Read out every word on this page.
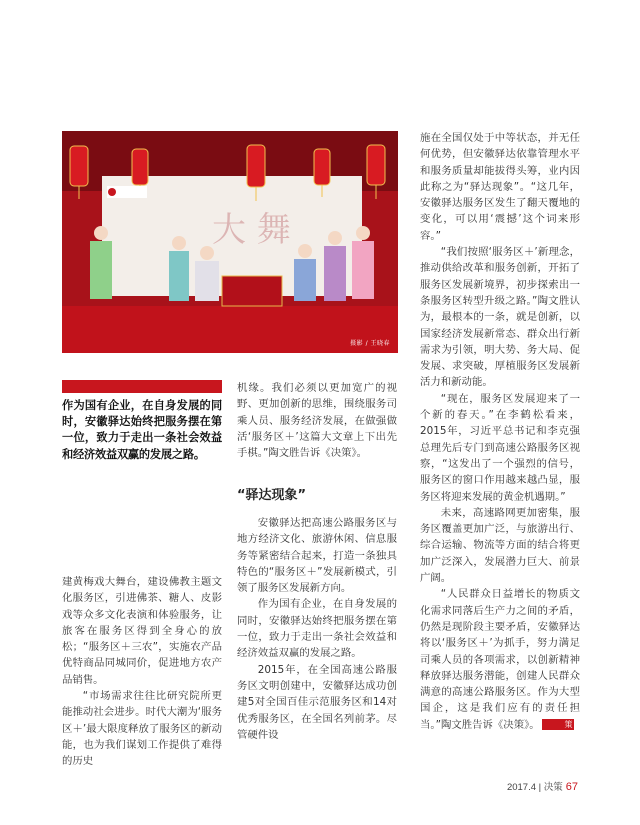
大 舞
摄影 / 王晓春
作为国有企业，在自身发展的同时，安徽驿达始终把服务摆在第一位，致力于走出一条社会效益和经济效益双赢的发展之路。

建黄梅戏大舞台，建设佛教主题文化服务区，引进佛茶、糖人、皮影戏等众多文化表演和体验服务，让旅客在服务区得到全身心的放松；“服务区＋三农”，实施农产品优特商品同城同价，促进地方农产品销售。

“市场需求往往比研究院所更能推动社会进步。时代大潮为‘服务区＋’最大限度释放了服务区的新动能，也为我们谋划工作提供了难得的历史

机缘。我们必须以更加宽广的视野、更加创新的思维，围绕服务司乘人员、服务经济发展，在做强做活‘服务区＋’这篇大文章上下出先手棋。”陶文胜告诉《决策》。

“驿达现象”

安徽驿达把高速公路服务区与地方经济文化、旅游休闲、信息服务等紧密结合起来，打造一条独具特色的“服务区＋”发展新模式，引领了服务区发展新方向。

作为国有企业，在自身发展的同时，安徽驿达始终把服务摆在第一位，致力于走出一条社会效益和经济效益双赢的发展之路。

2015年，在全国高速公路服务区文明创建中，安徽驿达成功创建5对全国百佳示范服务区和14对优秀服务区，在全国名列前茅。尽管硬件设

施在全国仅处于中等状态，并无任何优势，但安徽驿达依靠管理水平和服务质量却能拔得头筹，业内因此称之为“驿达现象”。“这几年，安徽驿达服务区发生了翻天覆地的变化，可以用‘震撼’这个词来形容。”

“我们按照‘服务区＋’新理念，推动供给改革和服务创新，开拓了服务区发展新境界，初步探索出一条服务区转型升级之路。”陶文胜认为，最根本的一条，就是创新，以国家经济发展新常态、群众出行新需求为引领，明大势、务大局、促发展、求突破，厚植服务区发展新活力和新动能。

“现在，服务区发展迎来了一个新的春天。”在李鹤松看来，2015年，习近平总书记和李克强总理先后专门到高速公路服务区视察，“这发出了一个强烈的信号，服务区的窗口作用越来越凸显，服务区将迎来发展的黄金机遇期。”

未来，高速路网更加密集，服务区覆盖更加广泛，与旅游出行、综合运输、物流等方面的结合将更加广泛深入，发展潜力巨大、前景广阔。

“人民群众日益增长的物质文化需求同落后生产力之间的矛盾，仍然是现阶段主要矛盾，安徽驿达将以‘服务区＋’为抓手，努力满足司乘人员的各项需求，以创新精神释放驿达服务潜能，创建人民群众满意的高速公路服务区。作为大型国企，这是我们应有的责任担当。”陶文胜告诉《决策》。	策

2017.4 | 决策 67
